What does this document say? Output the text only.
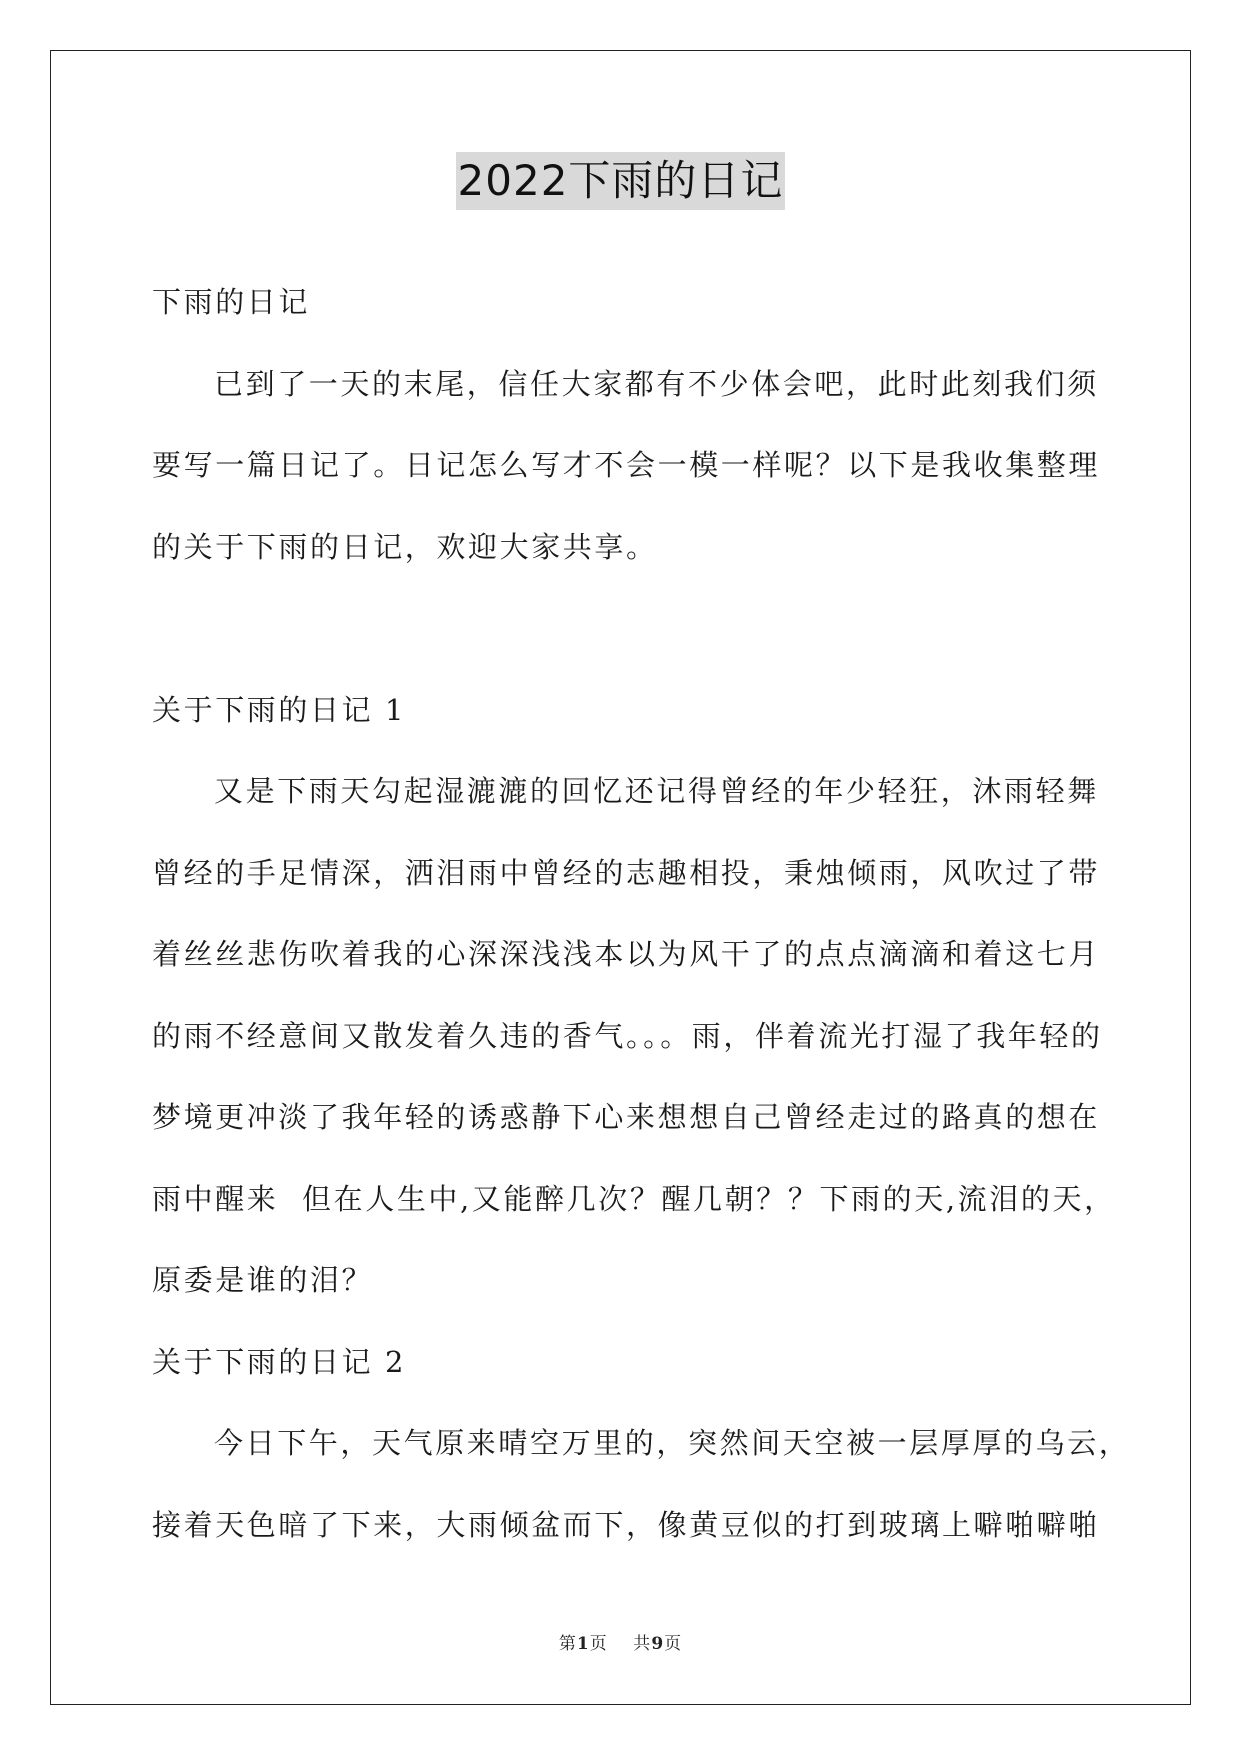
2022下雨的日记
下雨的日记
已到了一天的末尾，信任大家都有不少体会吧，此时此刻我们须
要写一篇日记了。日记怎么写才不会一模一样呢？以下是我收集整理
的关于下雨的日记，欢迎大家共享。
关于下雨的日记 1
又是下雨天勾起湿漉漉的回忆还记得曾经的年少轻狂，沐雨轻舞
曾经的手足情深，洒泪雨中曾经的志趣相投，秉烛倾雨，风吹过了带
着丝丝悲伤吹着我的心深深浅浅本以为风干了的点点滴滴和着这七月
的雨不经意间又散发着久违的香气。。。雨，伴着流光打湿了我年轻的
梦境更冲淡了我年轻的诱惑静下心来想想自己曾经走过的路真的想在
雨中醒来  但在人生中,又能醉几次？醒几朝？？下雨的天,流泪的天，
原委是谁的泪？
关于下雨的日记 2
今日下午，天气原来晴空万里的，突然间天空被一层厚厚的乌云，
接着天色暗了下来，大雨倾盆而下，像黄豆似的打到玻璃上噼啪噼啪
第1页    共9页
